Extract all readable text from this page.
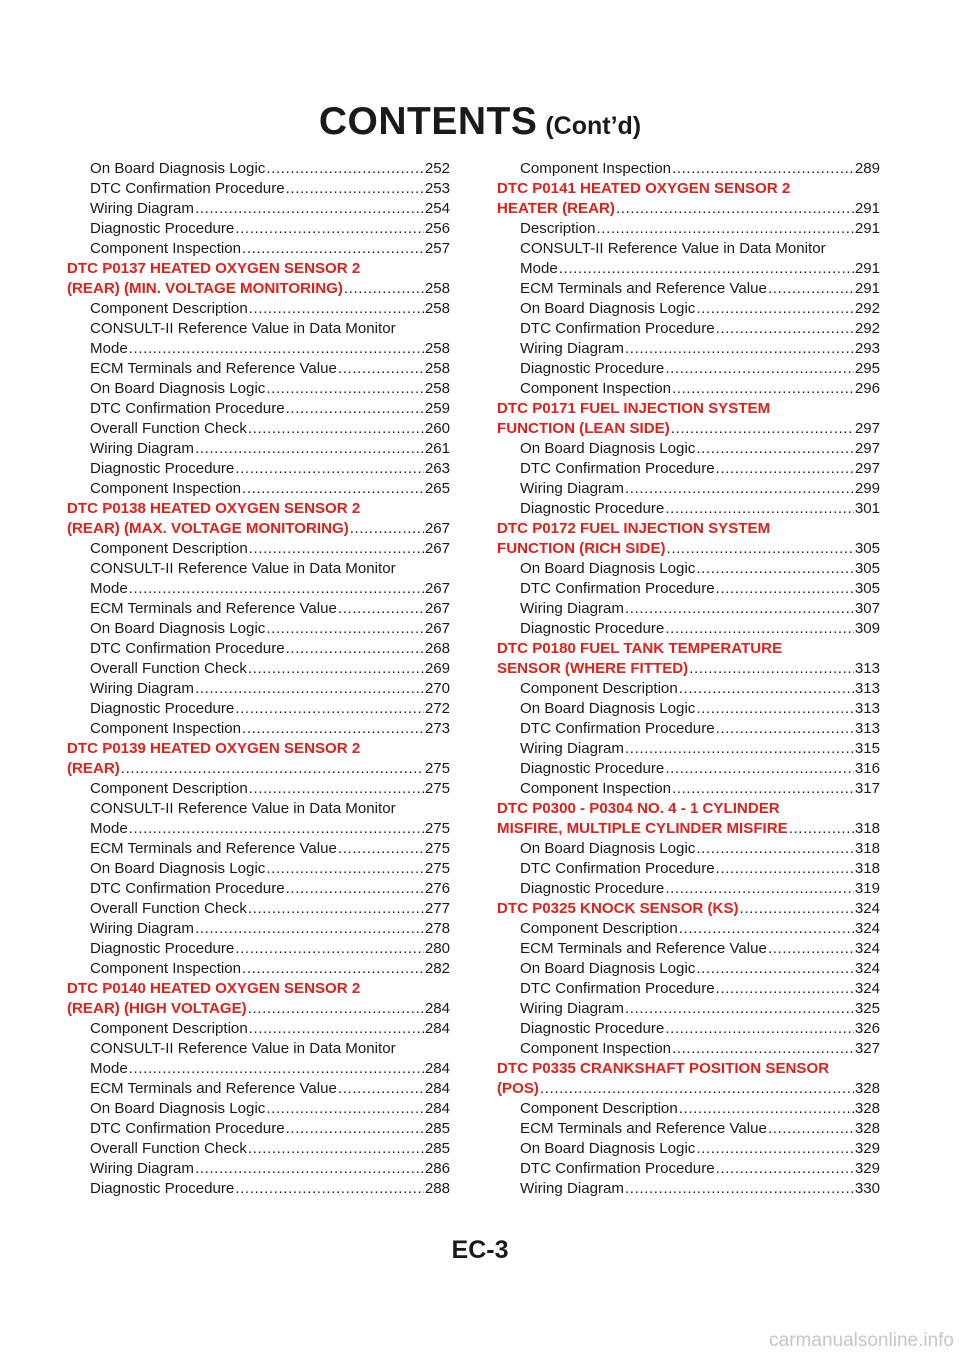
CONTENTS (Cont’d)
On Board Diagnosis Logic .....	252
DTC Confirmation Procedure .....	253
Wiring Diagram .....	254
Diagnostic Procedure .....	256
Component Inspection .....	257
DTC P0137 HEATED OXYGEN SENSOR 2
(REAR) (MIN. VOLTAGE MONITORING) .....	258
Component Description .....	258
CONSULT-II Reference Value in Data Monitor
Mode .....	258
ECM Terminals and Reference Value .....	258
On Board Diagnosis Logic .....	258
DTC Confirmation Procedure .....	259
Overall Function Check .....	260
Wiring Diagram .....	261
Diagnostic Procedure .....	263
Component Inspection .....	265
DTC P0138 HEATED OXYGEN SENSOR 2
(REAR) (MAX. VOLTAGE MONITORING) .....	267
Component Description .....	267
CONSULT-II Reference Value in Data Monitor
Mode .....	267
ECM Terminals and Reference Value .....	267
On Board Diagnosis Logic .....	267
DTC Confirmation Procedure .....	268
Overall Function Check .....	269
Wiring Diagram .....	270
Diagnostic Procedure .....	272
Component Inspection .....	273
DTC P0139 HEATED OXYGEN SENSOR 2
(REAR) .....	275
Component Description .....	275
CONSULT-II Reference Value in Data Monitor
Mode .....	275
ECM Terminals and Reference Value .....	275
On Board Diagnosis Logic .....	275
DTC Confirmation Procedure .....	276
Overall Function Check .....	277
Wiring Diagram .....	278
Diagnostic Procedure .....	280
Component Inspection .....	282
DTC P0140 HEATED OXYGEN SENSOR 2
(REAR) (HIGH VOLTAGE) .....	284
Component Description .....	284
CONSULT-II Reference Value in Data Monitor
Mode .....	284
ECM Terminals and Reference Value .....	284
On Board Diagnosis Logic .....	284
DTC Confirmation Procedure .....	285
Overall Function Check .....	285
Wiring Diagram .....	286
Diagnostic Procedure .....	288
Component Inspection .....	289
DTC P0141 HEATED OXYGEN SENSOR 2
HEATER (REAR) .....	291
Description .....	291
CONSULT-II Reference Value in Data Monitor
Mode .....	291
ECM Terminals and Reference Value .....	291
On Board Diagnosis Logic .....	292
DTC Confirmation Procedure .....	292
Wiring Diagram .....	293
Diagnostic Procedure .....	295
Component Inspection .....	296
DTC P0171 FUEL INJECTION SYSTEM
FUNCTION (LEAN SIDE) .....	297
On Board Diagnosis Logic .....	297
DTC Confirmation Procedure .....	297
Wiring Diagram .....	299
Diagnostic Procedure .....	301
DTC P0172 FUEL INJECTION SYSTEM
FUNCTION (RICH SIDE) .....	305
On Board Diagnosis Logic .....	305
DTC Confirmation Procedure .....	305
Wiring Diagram .....	307
Diagnostic Procedure .....	309
DTC P0180 FUEL TANK TEMPERATURE
SENSOR (WHERE FITTED) .....	313
Component Description .....	313
On Board Diagnosis Logic .....	313
DTC Confirmation Procedure .....	313
Wiring Diagram .....	315
Diagnostic Procedure .....	316
Component Inspection .....	317
DTC P0300 - P0304 NO. 4 - 1 CYLINDER
MISFIRE, MULTIPLE CYLINDER MISFIRE .....	318
On Board Diagnosis Logic .....	318
DTC Confirmation Procedure .....	318
Diagnostic Procedure .....	319
DTC P0325 KNOCK SENSOR (KS) .....	324
Component Description .....	324
ECM Terminals and Reference Value .....	324
On Board Diagnosis Logic .....	324
DTC Confirmation Procedure .....	324
Wiring Diagram .....	325
Diagnostic Procedure .....	326
Component Inspection .....	327
DTC P0335 CRANKSHAFT POSITION SENSOR
(POS) .....	328
Component Description .....	328
ECM Terminals and Reference Value .....	328
On Board Diagnosis Logic .....	329
DTC Confirmation Procedure .....	329
Wiring Diagram .....	330
EC-3
carmanualsonline.info
